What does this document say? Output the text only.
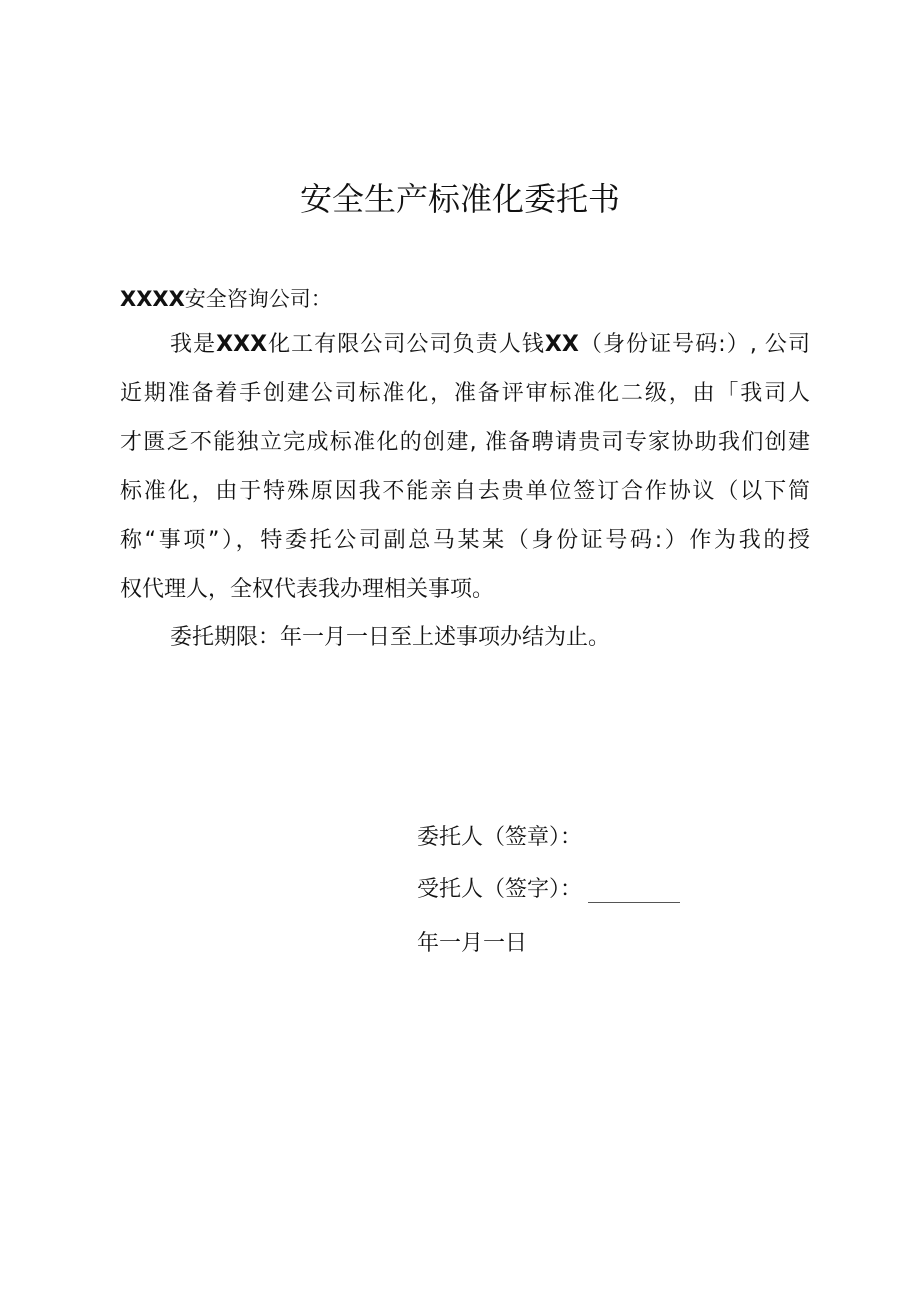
安全生产标准化委托书
XXXX安全咨询公司：
我是XXX化工有限公司公司负责人钱XX（身份证号码:）, 公司
近期准备着手创建公司标准化，准备评审标准化二级，由「我司人
才匮乏不能独立完成标准化的创建, 准备聘请贵司专家协助我们创建
标准化，由于特殊原因我不能亲自去贵单位签订合作协议（以下简
称“事项”），特委托公司副总马某某（身份证号码:）作为我的授
权代理人，全权代表我办理相关事项。
委托期限：年一月一日至上述事项办结为止。
委托人（签章）：
受托人（签字）：
年一月一日
